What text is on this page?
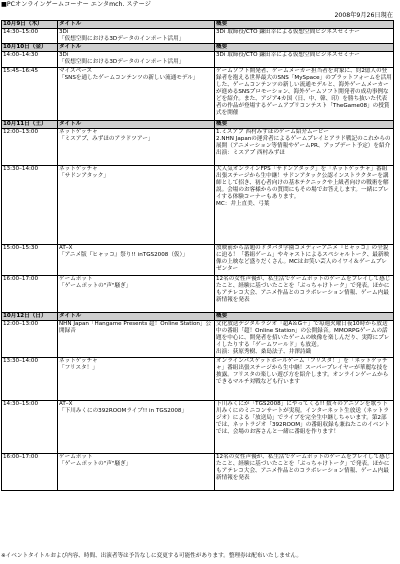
■PCオンラインゲームコーナー エンタmch. ステージ
2008年9月26日現在
10月9日（木）	タイトル	概要
14:30–15:00	3Di
「仮想空間における3Dデータのインポート活用」	3Di 取締役/CTO 鎌田幸による仮想空間ビジネスセミナー
10月10日（金）	タイトル	概要
14:00–14:30	3Di
「仮想空間における3Dデータのインポート活用」	3Di 取締役/CTO 鎌田幸による仮想空間ビジネスセミナー
15:45–16:45	マイスペース
「SNSを通したゲームコンテンツの新しい流通モデル」	ゲームソフト開発者、ゲームメーカー担当者を対象に、約2億人の登録者を抱える世界最大のSNS「MySpace」のプラットフォームを活用した、ゲームコンテンツの新しい流通モデルと、海外ゲームメーカーが進めるSNSプロモーション、海外ゲームソフト開発者の成功事例などを紹介。また、アジア4カ国（日、中、韓、印）を勝ち抜いた代表者の作品が登場するゲームアプリコンテスト「TheGame08」の授賞式を開催
10月11日（土）	タイトル	概要
12:00–13:00	ネットゲッチャ
「ミスアプ、みずほのアラドツアー」	1.ミスアプ 西村みずほのゲーム紹介ムービー
2.NHN Japanの運営者によるゲームプレイとアラド戦記のこれからの展開（アニメーション等情報やゲームPR、アップデート予定）を紹介
出演：ミスアプ 西村みずほ
13:30–14:00	ネットゲッチャ
「サドンアタック」	大人気オンラインFPS「サドンアタック」を「ネットゲッチャ」番組出張ステージから生中継！サドンアタック公認インストラクターを講師として招き、初心者向けの基本テクニックや上級者向けの戦術を解説。会場のお客様からの質問にもその場でお答えします。一緒にプレイする体験コーナーもあります。
MC：井上直美、弓葉
15:00–15:30	AT–X
「アニメ版『ヒャッコ』祭り!! inTGS2008（仮）」	放映前から話題のドタバタ学園コメディーアニメ『ヒャッコ』の全貌に迫る！「番組ゲーム」やキャストによるスペシャルトーク、最新映像の上映など盛りだくさん。MCはお笑い芸人のイワイ＆ゲームプレゼンター
16:00–17:00	ゲームポット
「ゲームポットの"声"騒ぎ」	12名の女性声優が、私生活でゲームポットのゲームをプレイして感じたこと、経験に基づいたことを「ぶっちゃけトーク」で発表。ほかにもアテレコ大会、アニメ作品とのコラボレーション情報、ゲーム内最新情報を発表
10月12日（日）	タイトル	概要
12:00–13:00	NHN Japan「Hangame Presents 超！Online Station」公開録音	文化放送デジタルラジオ「超A＆G＋」で毎週火曜日夜10時から放送中の番組「超！Online Station」の公開録音。MMORPGゲームの話題を中心に、開発者を招いたゲームの映像を楽しんだり、実際にプレイしたりする「ゲームワールド」も放送。
出演：荻原秀樹、桑島法子、井澤詩織
13:30–14:00	ネットゲッチャ
「フリスタ！」	オンラインバスケットボールゲーム「フリスタ！」を「ネットゲッチャ」番組出張ステージから生中継！スーパープレイヤーが華麗な技を披露。フリスタの楽しい遊び方を紹介します。オンラインゲームからできるマルチ対戦なども行います
14:30–15:00	AT–X
「下川みくにの392ROOMライブ!! in TGS2008」	下川みくにが「TGS2008」にやってくる!! 数々のアニソンを歌う下川みくにのミニコンサートが実現。インターネット生放送（ネットラジオ）による「放送局」でライブを完全生中継しちゃいます。第2部では、ネットラジオ「392ROOM」の番組収録も兼ねたこのイベントでは、会場のお客さんと一緒に番組を作ります！
16:00–17:00	ゲームポット
「ゲームポットの"声"騒ぎ」	12名の女性声優が、私生活でゲームポットのゲームをプレイして感じたこと、経験に基づいたことを「ぶっちゃけトーク」で発表。ほかにもアテレコ大会、アニメ作品とのコラボレーション情報、ゲーム内最新情報を発表
※イベントタイトルおよび内容、時間、出演者等は予告なしに変更する可能性があります。整理券は配布いたしません。
